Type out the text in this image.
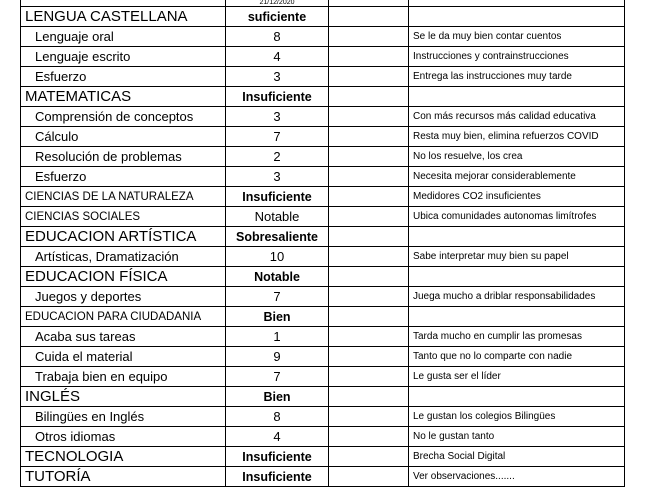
	21/12/2020		
LENGUA CASTELLANA	suficiente		
Lenguaje oral	8		Se le da muy bien contar cuentos
Lenguaje escrito	4		Instrucciones y contrainstrucciones
Esfuerzo	3		Entrega las instrucciones muy tarde
MATEMATICAS	Insuficiente		
Comprensión de conceptos	3		Con más recursos más calidad educativa
Cálculo	7		Resta muy bien, elimina refuerzos COVID
Resolución de problemas	2		No los resuelve, los crea
Esfuerzo	3		Necesita mejorar considerablemente
CIENCIAS DE LA NATURALEZA	Insuficiente		Medidores CO2 insuficientes
CIENCIAS SOCIALES	Notable		Ubica comunidades autonomas limítrofes
EDUCACION ARTÍSTICA	Sobresaliente		
Artísticas, Dramatización	10		Sabe interpretar muy bien su papel
EDUCACION FÍSICA	Notable		
Juegos y deportes	7		Juega mucho a driblar responsabilidades
EDUCACION PARA CIUDADANIA	Bien		
Acaba sus tareas	1		Tarda mucho en cumplir las promesas
Cuida el material	9		Tanto que no lo comparte con nadie
Trabaja bien en equipo	7		Le gusta ser el líder
INGLÉS	Bien		
Bilingües en Inglés	8		Le gustan los colegios Bilingües
Otros idiomas	4		No le gustan tanto
TECNOLOGIA	Insuficiente		Brecha Social Digital
TUTORÍA	Insuficiente		Ver observaciones.......
